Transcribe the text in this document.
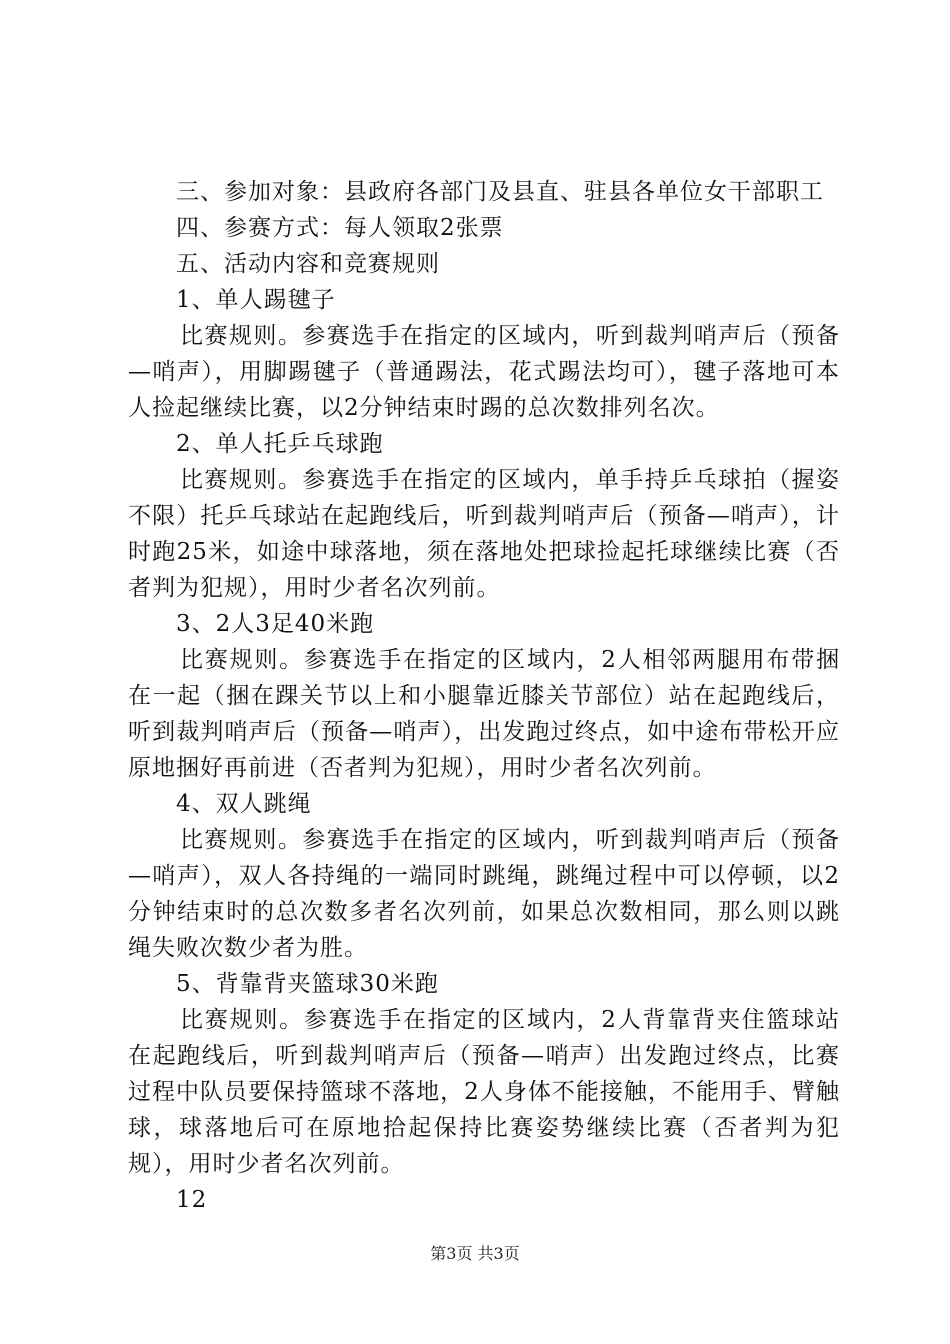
三、参加对象：县政府各部门及县直、驻县各单位女干部职工

四、参赛方式：每人领取2张票

五、活动内容和竞赛规则

1、单人踢毽子

比赛规则。参赛选手在指定的区域内，听到裁判哨声后（预备—哨声），用脚踢毽子（普通踢法，花式踢法均可），毽子落地可本人捡起继续比赛，以2分钟结束时踢的总次数排列名次。

2、单人托乒乓球跑

比赛规则。参赛选手在指定的区域内，单手持乒乓球拍（握姿不限）托乒乓球站在起跑线后，听到裁判哨声后（预备—哨声），计时跑25米，如途中球落地，须在落地处把球捡起托球继续比赛（否者判为犯规），用时少者名次列前。

3、2人3足40米跑

比赛规则。参赛选手在指定的区域内，2人相邻两腿用布带捆在一起（捆在踝关节以上和小腿靠近膝关节部位）站在起跑线后，听到裁判哨声后（预备—哨声），出发跑过终点，如中途布带松开应原地捆好再前进（否者判为犯规），用时少者名次列前。

4、双人跳绳

比赛规则。参赛选手在指定的区域内，听到裁判哨声后（预备—哨声），双人各持绳的一端同时跳绳，跳绳过程中可以停顿，以2分钟结束时的总次数多者名次列前，如果总次数相同，那么则以跳绳失败次数少者为胜。

5、背靠背夹篮球30米跑

比赛规则。参赛选手在指定的区域内，2人背靠背夹住篮球站在起跑线后，听到裁判哨声后（预备—哨声）出发跑过终点，比赛过程中队员要保持篮球不落地，2人身体不能接触，不能用手、臂触球，球落地后可在原地拾起保持比赛姿势继续比赛（否者判为犯规），用时少者名次列前。

12

第3页 共3页
